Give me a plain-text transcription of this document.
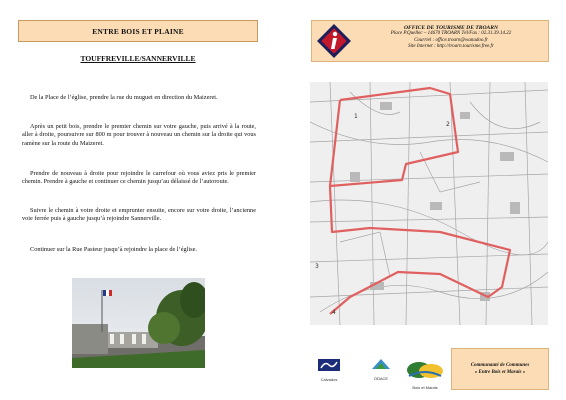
ENTRE BOIS ET PLAINE
TOUFFREVILLE/SANNERVILLE

De la Place de l’église, prendre la rue du muguet en direction du Maizeret.

Après un petit bois, prendre le premier chemin sur votre gauche, puis arrivé à la route, aller à droite, poursuivre sur 800 m pour trouver à nouveau un chemin sur la droite qui vous ramène sur la route du Maizeret.

Prendre de nouveau à droite pour rejoindre le carrefour où vous aviez pris le premier chemin. Prendre à gauche et continuer ce chemin jusqu’au délaissé de l’autoroute.

Suivre le chemin à votre droite et emprunter ensuite, encore sur votre droite, l’ancienne voie ferrée puis à gauche jusqu’à rejoindre Sannerville.

Continuer sur la Rue Pasteur jusqu’à rejoindre la place de l’église.

OFFICE DE TOURISME DE TROARN
Place P.Quellec – 14670 TROARN Tél/Fax : 02.31.39.14.22
Courriel : office.troarn@wanadoo.fr
Site Internet : http://troarn.tourisme.free.fr
1
2
3
4
Calvados	ODACE
Bois et Marais
Communauté de Communes
« Entre Bois et Marais »
